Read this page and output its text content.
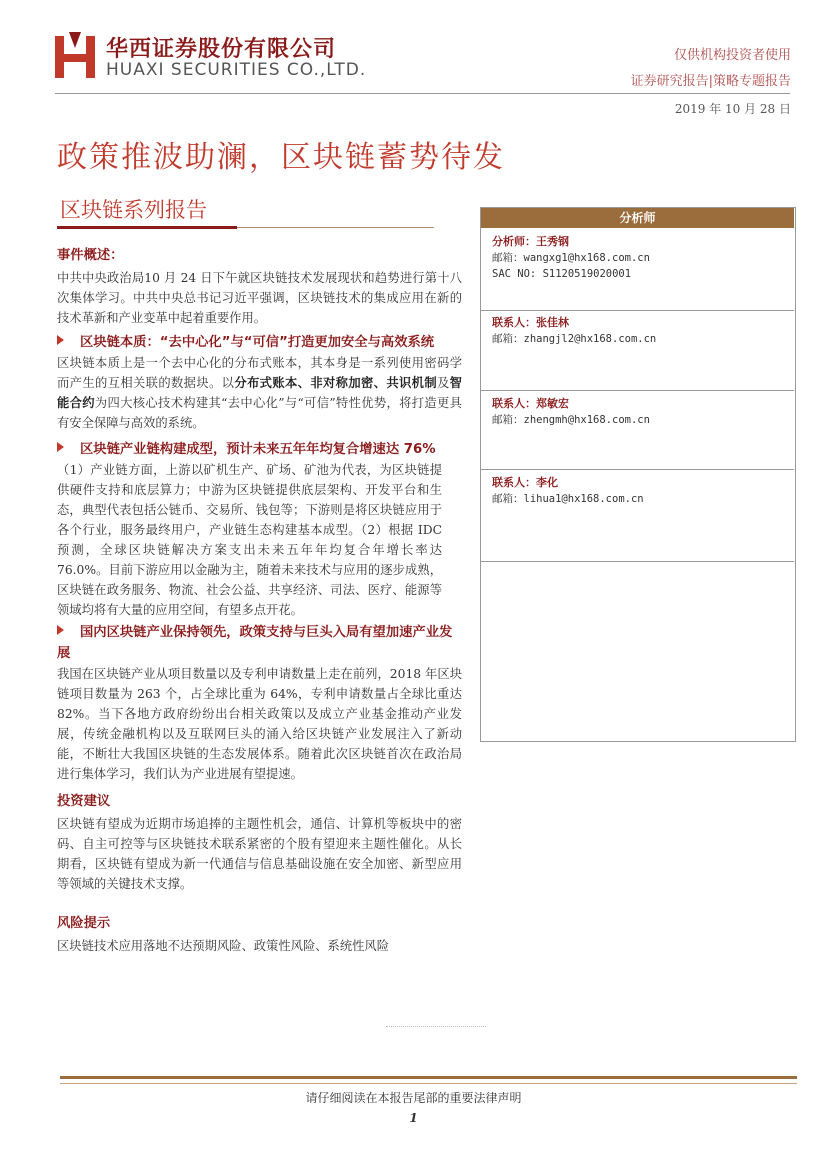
华西证券股份有限公司
HUAXI SECURITIES CO.,LTD.
仅供机构投资者使用
证券研究报告|策略专题报告
2019 年 10 月 28 日
政策推波助澜，区块链蓄势待发
区块链系列报告
事件概述：

中共中央政治局10 月 24 日下午就区块链技术发展现状和趋势进行第十八次集体学习。中共中央总书记习近平强调，区块链技术的集成应用在新的技术革新和产业变革中起着重要作用。

区块链本质：“去中心化”与“可信”打造更加安全与高效系统

区块链本质上是一个去中心化的分布式账本，其本身是一系列使用密码学而产生的互相关联的数据块。以分布式账本、非对称加密、共识机制及智能合约为四大核心技术构建其“去中心化”与“可信”特性优势，将打造更具有安全保障与高效的系统。

区块链产业链构建成型，预计未来五年年均复合增速达 76%

（1）产业链方面，上游以矿机生产、矿场、矿池为代表，为区块链提供硬件支持和底层算力；中游为区块链提供底层架构、开发平台和生态，典型代表包括公链币、交易所、钱包等；下游则是将区块链应用于各个行业，服务最终用户，产业链生态构建基本成型。（2）根据 IDC 预测，全球区块链解决方案支出未来五年年均复合年增长率达 76.0%。目前下游应用以金融为主，随着未来技术与应用的逐步成熟，区块链在政务服务、物流、社会公益、共享经济、司法、医疗、能源等领域均将有大量的应用空间，有望多点开花。

国内区块链产业保持领先，政策支持与巨头入局有望加速产业发展

我国在区块链产业从项目数量以及专利申请数量上走在前列，2018 年区块链项目数量为 263 个，占全球比重为 64%，专利申请数量占全球比重达 82%。当下各地方政府纷纷出台相关政策以及成立产业基金推动产业发展，传统金融机构以及互联网巨头的涌入给区块链产业发展注入了新动能，不断壮大我国区块链的生态发展体系。随着此次区块链首次在政治局进行集体学习，我们认为产业进展有望提速。

投资建议

区块链有望成为近期市场追捧的主题性机会，通信、计算机等板块中的密码、自主可控等与区块链技术联系紧密的个股有望迎来主题性催化。从长期看，区块链有望成为新一代通信与信息基础设施在安全加密、新型应用等领域的关键技术支撑。

风险提示

区块链技术应用落地不达预期风险、政策性风险、系统性风险

分析师
分析师：王秀钢
邮箱：wangxg1@hx168.com.cn
SAC NO: S1120519020001
联系人：张佳林
邮箱：zhangjl2@hx168.com.cn
联系人：郑敏宏
邮箱：zhengmh@hx168.com.cn
联系人：李化
邮箱：lihua1@hx168.com.cn
请仔细阅读在本报告尾部的重要法律声明
1
